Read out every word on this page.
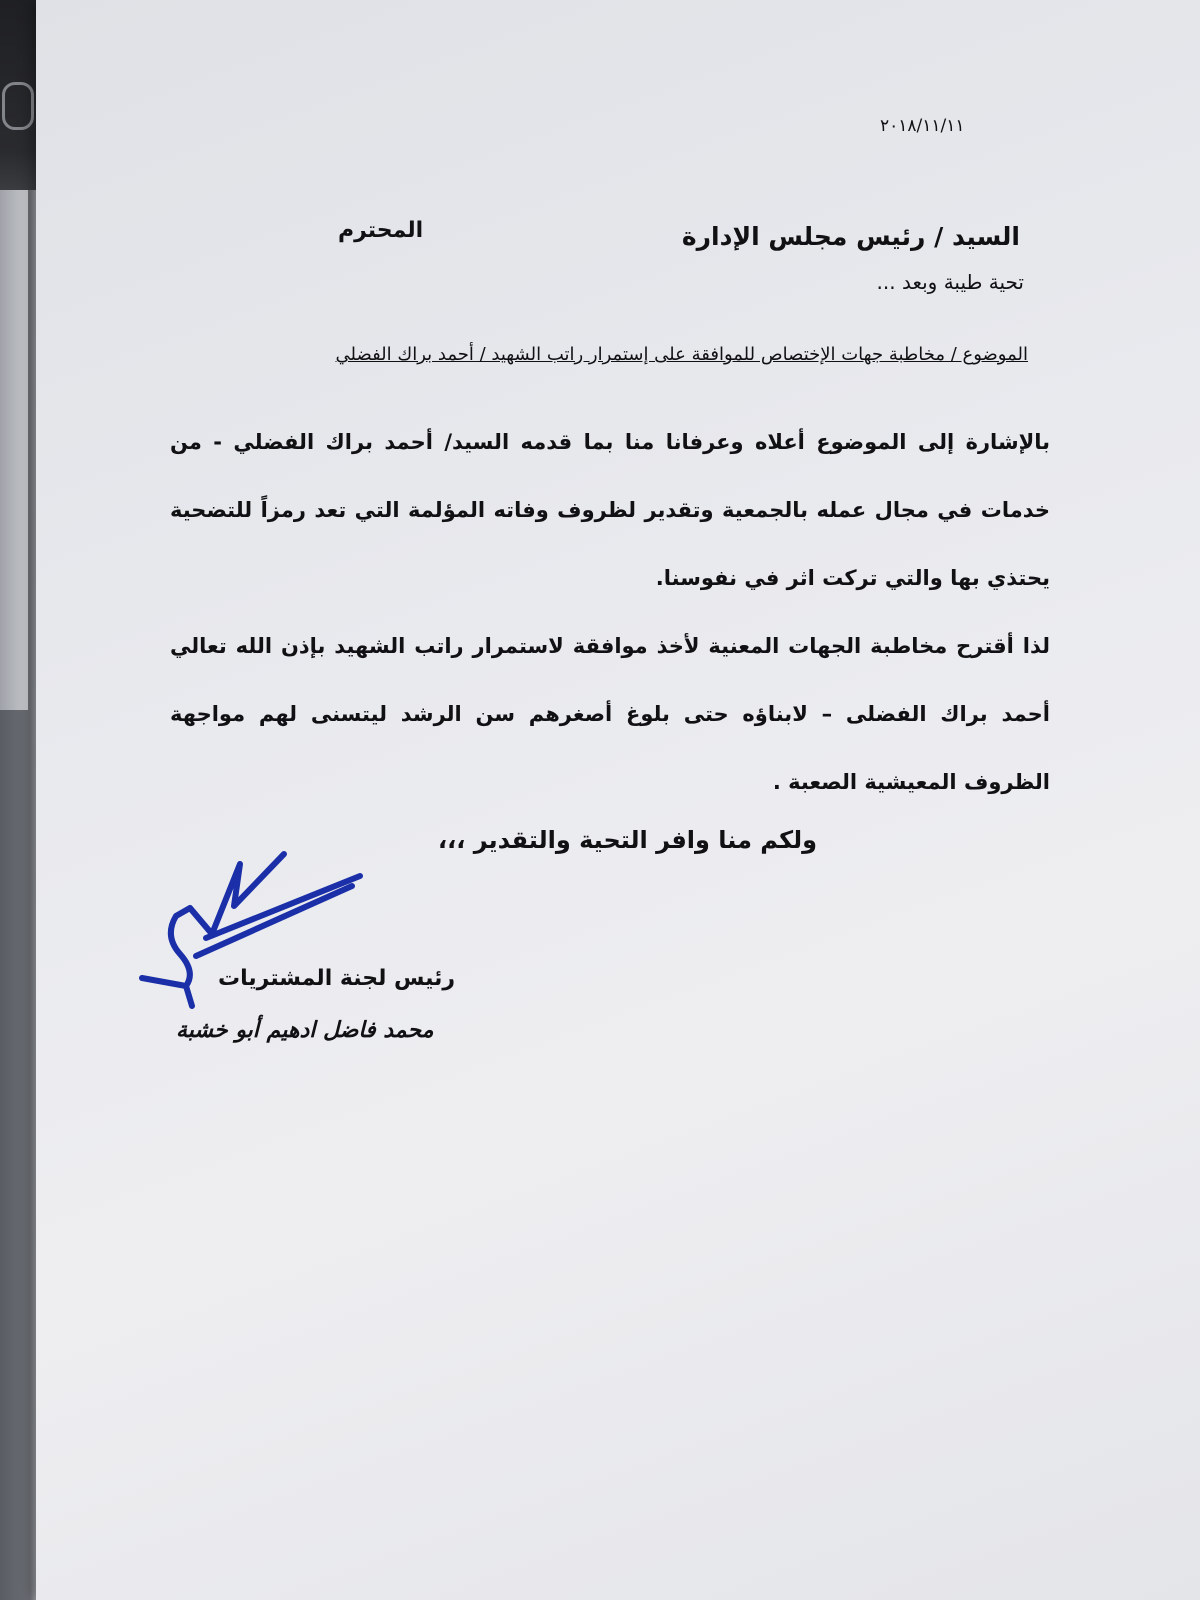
٢٠١٨/١١/١١
السيد / رئيس مجلس الإدارة
المحترم
تحية طيبة وبعد ...
الموضوع / مخاطبة جهات الإختصاص للموافقة على إستمرار راتب الشهيد / أحمد براك الفضلي
بالإشارة إلى الموضوع أعلاه وعرفانا منا بما قدمه السيد/ أحمد براك الفضلي - من خدمات في مجال عمله بالجمعية وتقدير لظروف وفاته المؤلمة التي تعد رمزاً للتضحية يحتذي بها والتي تركت اثر في نفوسنا.
لذا أقترح مخاطبة الجهات المعنية لأخذ موافقة لاستمرار راتب الشهيد بإذن الله تعالي أحمد براك الفضلى – لابناؤه حتى بلوغ أصغرهم سن الرشد ليتسنى لهم مواجهة الظروف المعيشية الصعبة .
ولكم منا وافر التحية والتقدير ،،،
رئيس لجنة المشتريات
محمد فاضل ادهيم أبو خشبة
